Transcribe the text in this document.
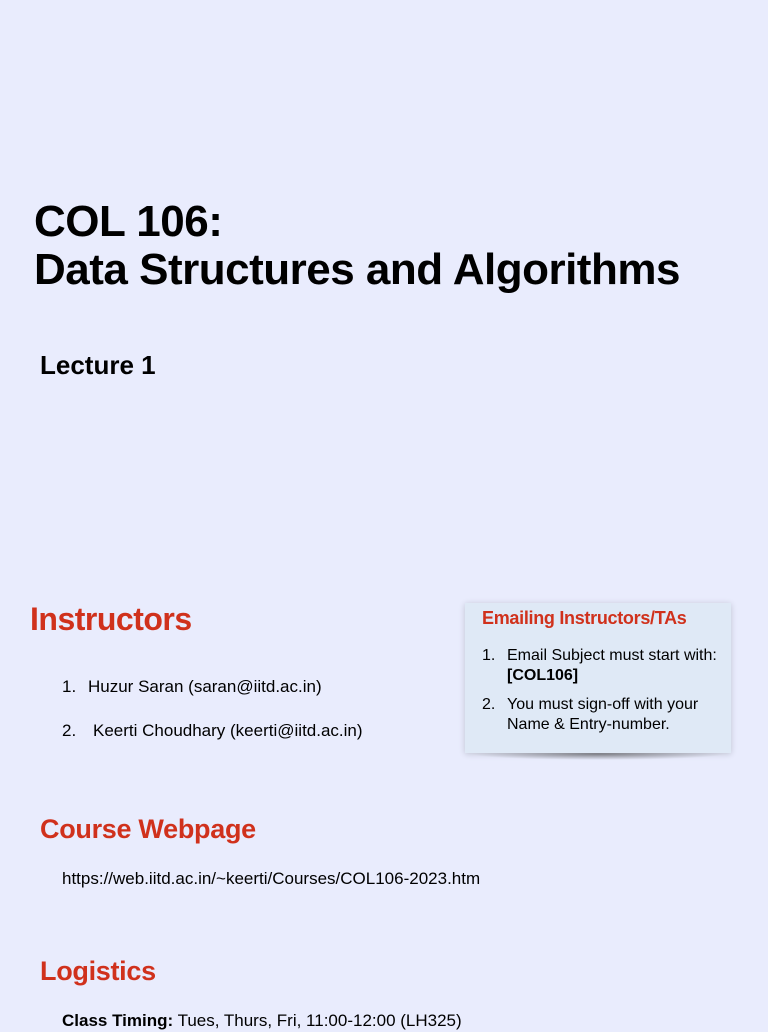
COL 106:
Data Structures and Algorithms
Lecture 1
Instructors
1. Huzur Saran (saran@iitd.ac.in)
2. Keerti Choudhary (keerti@iitd.ac.in)
Emailing Instructors/TAs
1. Email Subject must start with: [COL106]
2. You must sign-off with your Name & Entry-number.
Course Webpage
https://web.iitd.ac.in/~keerti/Courses/COL106-2023.htm
Logistics
Class Timing: Tues, Thurs, Fri, 11:00-12:00 (LH325)
